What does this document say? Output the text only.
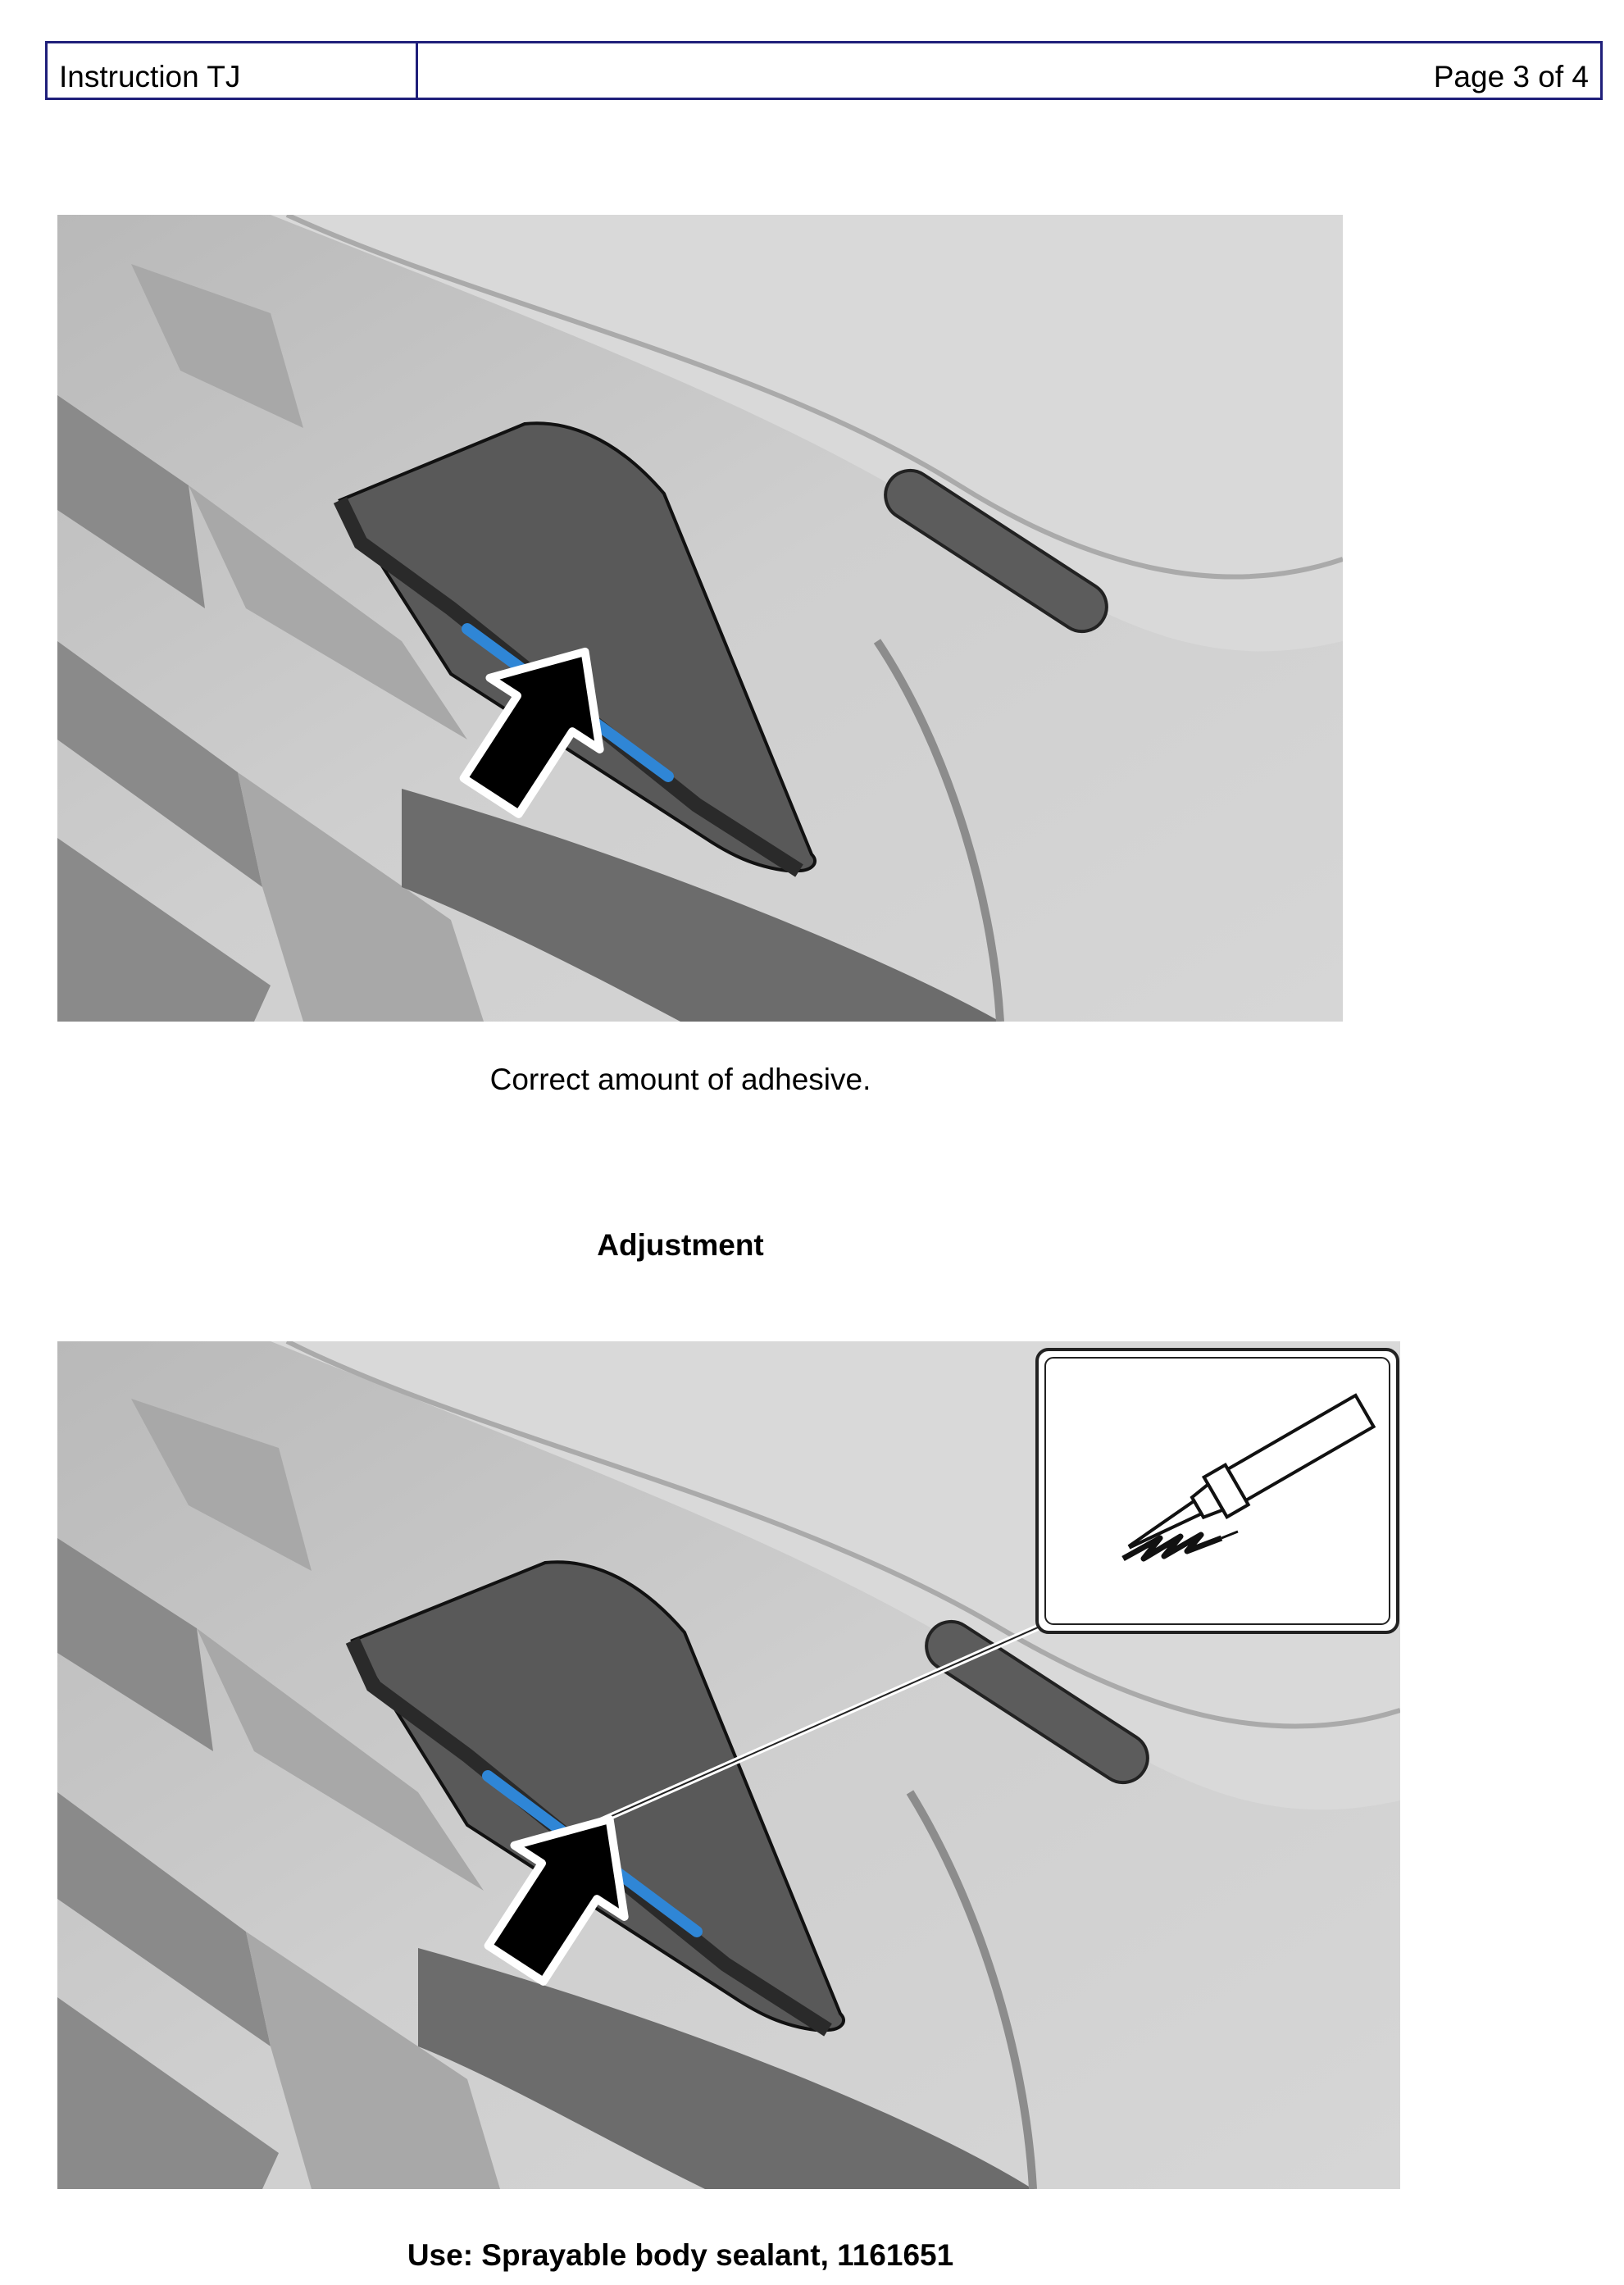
Instruction TJ	Page 3 of 4
Correct amount of adhesive.
Adjustment
Use: Sprayable body sealant, 1161651
